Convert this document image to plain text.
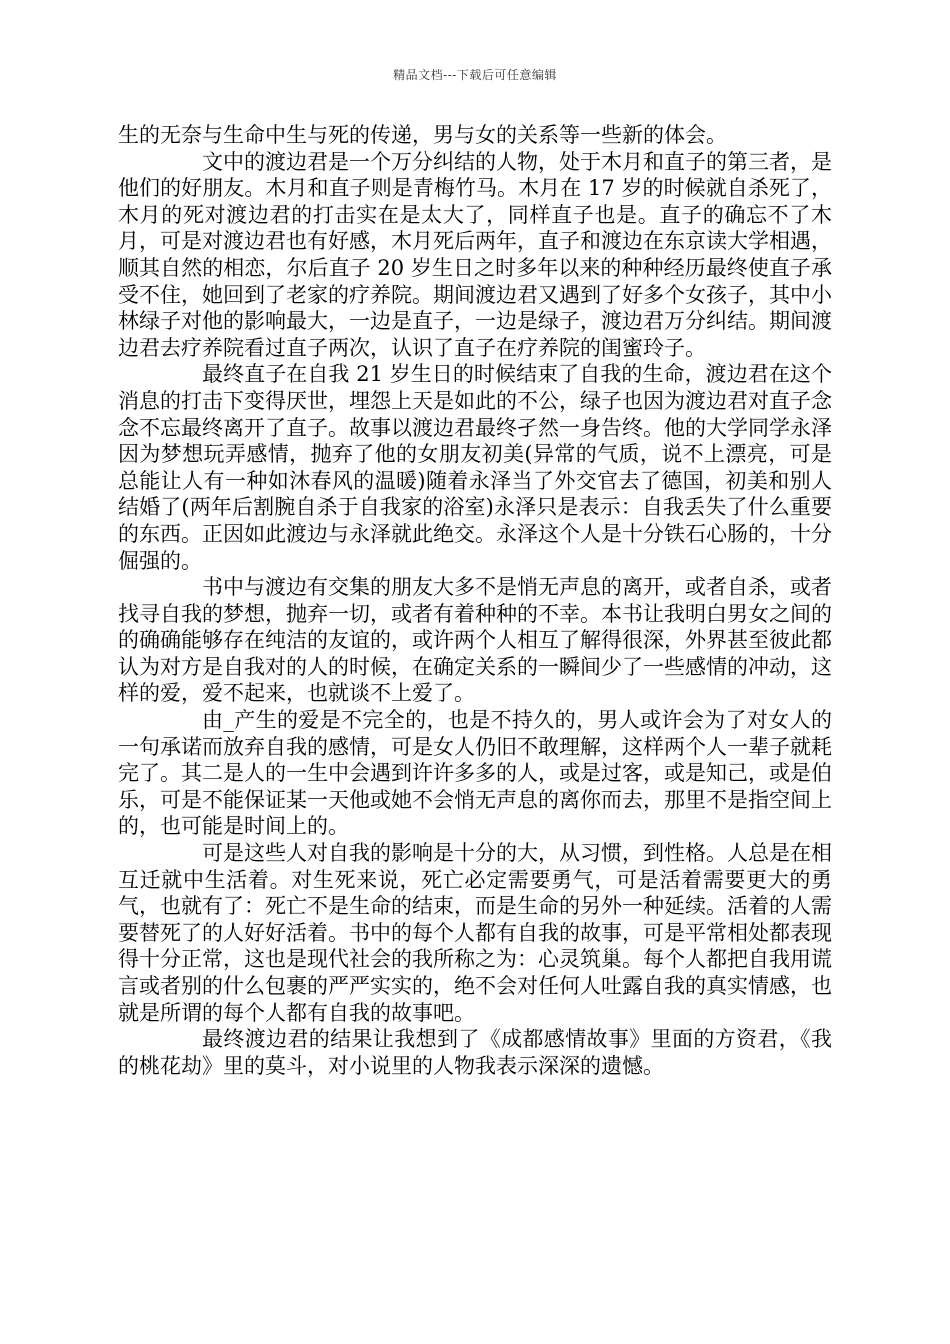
精品文档---下载后可任意编辑

生的无奈与生命中生与死的传递，男与女的关系等一些新的体会。

文中的渡边君是一个万分纠结的人物，处于木月和直子的第三者，是他们的好朋友。木月和直子则是青梅竹马。木月在 17 岁的时候就自杀死了，木月的死对渡边君的打击实在是太大了，同样直子也是。直子的确忘不了木月，可是对渡边君也有好感，木月死后两年，直子和渡边在东京读大学相遇，顺其自然的相恋，尔后直子 20 岁生日之时多年以来的种种经历最终使直子承受不住，她回到了老家的疗养院。期间渡边君又遇到了好多个女孩子，其中小林绿子对他的影响最大，一边是直子，一边是绿子，渡边君万分纠结。期间渡边君去疗养院看过直子两次，认识了直子在疗养院的闺蜜玲子。

最终直子在自我 21 岁生日的时候结束了自我的生命，渡边君在这个消息的打击下变得厌世，埋怨上天是如此的不公，绿子也因为渡边君对直子念念不忘最终离开了直子。故事以渡边君最终孑然一身告终。他的大学同学永泽因为梦想玩弄感情，抛弃了他的女朋友初美(异常的气质，说不上漂亮，可是总能让人有一种如沐春风的温暖)随着永泽当了外交官去了德国，初美和别人结婚了(两年后割腕自杀于自我家的浴室)永泽只是表示：自我丢失了什么重要的东西。正因如此渡边与永泽就此绝交。永泽这个人是十分铁石心肠的，十分倔强的。

书中与渡边有交集的朋友大多不是悄无声息的离开，或者自杀，或者找寻自我的梦想，抛弃一切，或者有着种种的不幸。本书让我明白男女之间的的确确能够存在纯洁的友谊的，或许两个人相互了解得很深，外界甚至彼此都认为对方是自我对的人的时候，在确定关系的一瞬间少了一些感情的冲动，这样的爱，爱不起来，也就谈不上爱了。

由_产生的爱是不完全的，也是不持久的，男人或许会为了对女人的一句承诺而放弃自我的感情，可是女人仍旧不敢理解，这样两个人一辈子就耗完了。其二是人的一生中会遇到许许多多的人，或是过客，或是知己，或是伯乐，可是不能保证某一天他或她不会悄无声息的离你而去，那里不是指空间上的，也可能是时间上的。

可是这些人对自我的影响是十分的大，从习惯，到性格。人总是在相互迁就中生活着。对生死来说，死亡必定需要勇气，可是活着需要更大的勇气，也就有了：死亡不是生命的结束，而是生命的另外一种延续。活着的人需要替死了的人好好活着。书中的每个人都有自我的故事，可是平常相处都表现得十分正常，这也是现代社会的我所称之为：心灵筑巢。每个人都把自我用谎言或者别的什么包裹的严严实实的，绝不会对任何人吐露自我的真实情感，也就是所谓的每个人都有自我的故事吧。

最终渡边君的结果让我想到了《成都感情故事》里面的方资君，《我的桃花劫》里的莫斗，对小说里的人物我表示深深的遗憾。
